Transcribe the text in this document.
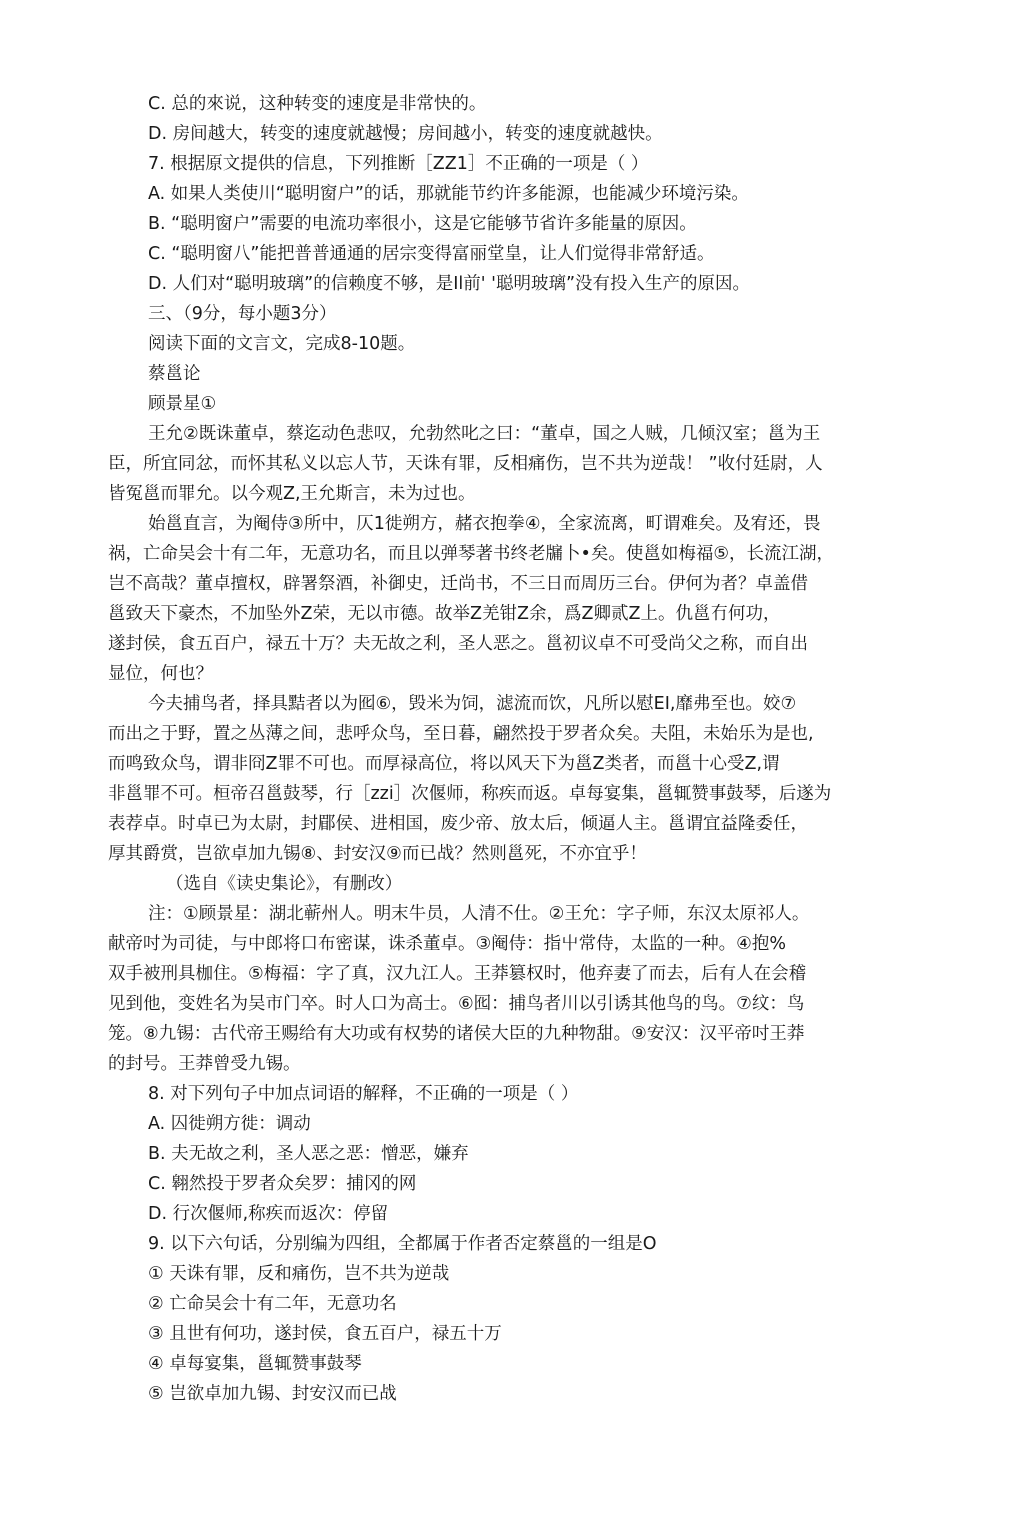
C. 总的來说，这种转变的速度是非常快的。
D. 房间越大，转变的速度就越慢；房间越小，转变的速度就越快。
7. 根据原文提供的信息，下列推断［ZZ1］不正确的一项是（ ）
A. 如果人类使川“聪明窗户”的话，那就能节约许多能源，也能减少环境污染。
B. “聪明窗户”需要的电流功率很小，这是它能够节省许多能量的原因。
C. “聪明窗八”能把普普通通的居宗变得富丽堂皇，让人们觉得非常舒适。
D. 人们对“聪明玻璃”的信赖度不够，是Il前' '聪明玻璃”没有投入生产的原因。
三、（9分，每小题3分）
阅读下面的文言文，完成8-10题。
蔡邕论
顾景星①
王允②既诛董卓，蔡迄动色悲叹，允勃然叱之曰：“董卓，国之人贼，几倾汉室；邕为王
臣，所宜同忿，而怀其私义以忘人节，天诛有罪，反相痛伤，岂不共为逆哉！ ”收付廷尉，人
皆冤邕而罪允。以今观Z,王允斯言，未为过也。
始邕直言，为阉侍③所中，仄1徙朔方，赭衣抱拳④，全家流离，町谓难矣。及宥还，畏
祸，亡命吴会十有二年，无意功名，而且以弹琴著书终老牖卜•矣。使邕如梅福⑤，长流江湖，
岂不高哉？董卓擅权，辟署祭酒，补御史，迁尚书，不三日而周历三台。伊何为者？卓盖借
邕致天下豪杰，不加坠外Z荣，无以市德。故举Z羌钳Z余，爲Z卿贰Z上。仇邕冇何功，
遂封侯，食五百户，禄五十万？夫无故之利，圣人恶之。邕初议卓不可受尚父之称，而自出
显位，何也？
今夫捕鸟者，择具黠者以为囮⑥，毁米为饲，滤流而饮，凡所以慰EI,靡弗至也。姣⑦
而出之于野，置之丛薄之间，悲呼众鸟，至日暮，翩然投于罗者众矣。夫阻，未始乐为是也,
而鸣致众鸟，谓非冏Z罪不可也。而厚禄高位，将以风天下为邕Z类者，而邕十心受Z,谓
非邕罪不可。桓帝召邕鼓琴，行［zzi］次偃师，称疾而返。卓每宴集，邕辄赞事鼓琴，后遂为
表荐卓。时卓已为太尉，封郿侯、进相国，废少帝、放太后，倾逼人主。邕谓宜益隆委任，
厚其爵赏，岂欲卓加九锡⑧、封安汉⑨而已战？然则邕死，不亦宜乎！
（选自《读史集论》，有删改）
注：①顾景星：湖北蕲州人。明末牛员，人清不仕。②王允：字子师，东汉太原祁人。
献帝吋为司徒，与中郎将口布密谋，诛杀董卓。③阉侍：指屮常侍，太监的一种。④抱%
双手被刑具枷住。⑤梅福：字了真，汉九江人。王莽篡权时，他弃妻了而去，后有人在会稽
见到他，变姓名为吴市门卒。时人口为高士。⑥囮：捕鸟者川以引诱其他鸟的鸟。⑦纹：鸟
笼。⑧九锡：古代帝王赐给有大功或有权势的诸侯大臣的九种物甜。⑨安汉：汉平帝吋王莽
的封号。王莽曾受九锡。
8. 对下列句子中加点词语的解释，不正确的一项是（ ）
A. 囚徙朔方徙：调动
B. 夫无故之利，圣人恶之恶：憎恶，嫌弃
C. 翱然投于罗者众矣罗：捕冈的网
D. 行次偃师,称疾而返次：停留
9. 以下六句话，分别编为四组，全都属于作者否定蔡邕的一组是O
① 天诛有罪，反和痛伤，岂不共为逆哉
② 亡命吴会十有二年，无意功名
③ 且世有何功，遂封侯，食五百户，禄五十万
④ 卓每宴集，邕辄赞事鼓琴
⑤ 岂欲卓加九锡、封安汉而已战
